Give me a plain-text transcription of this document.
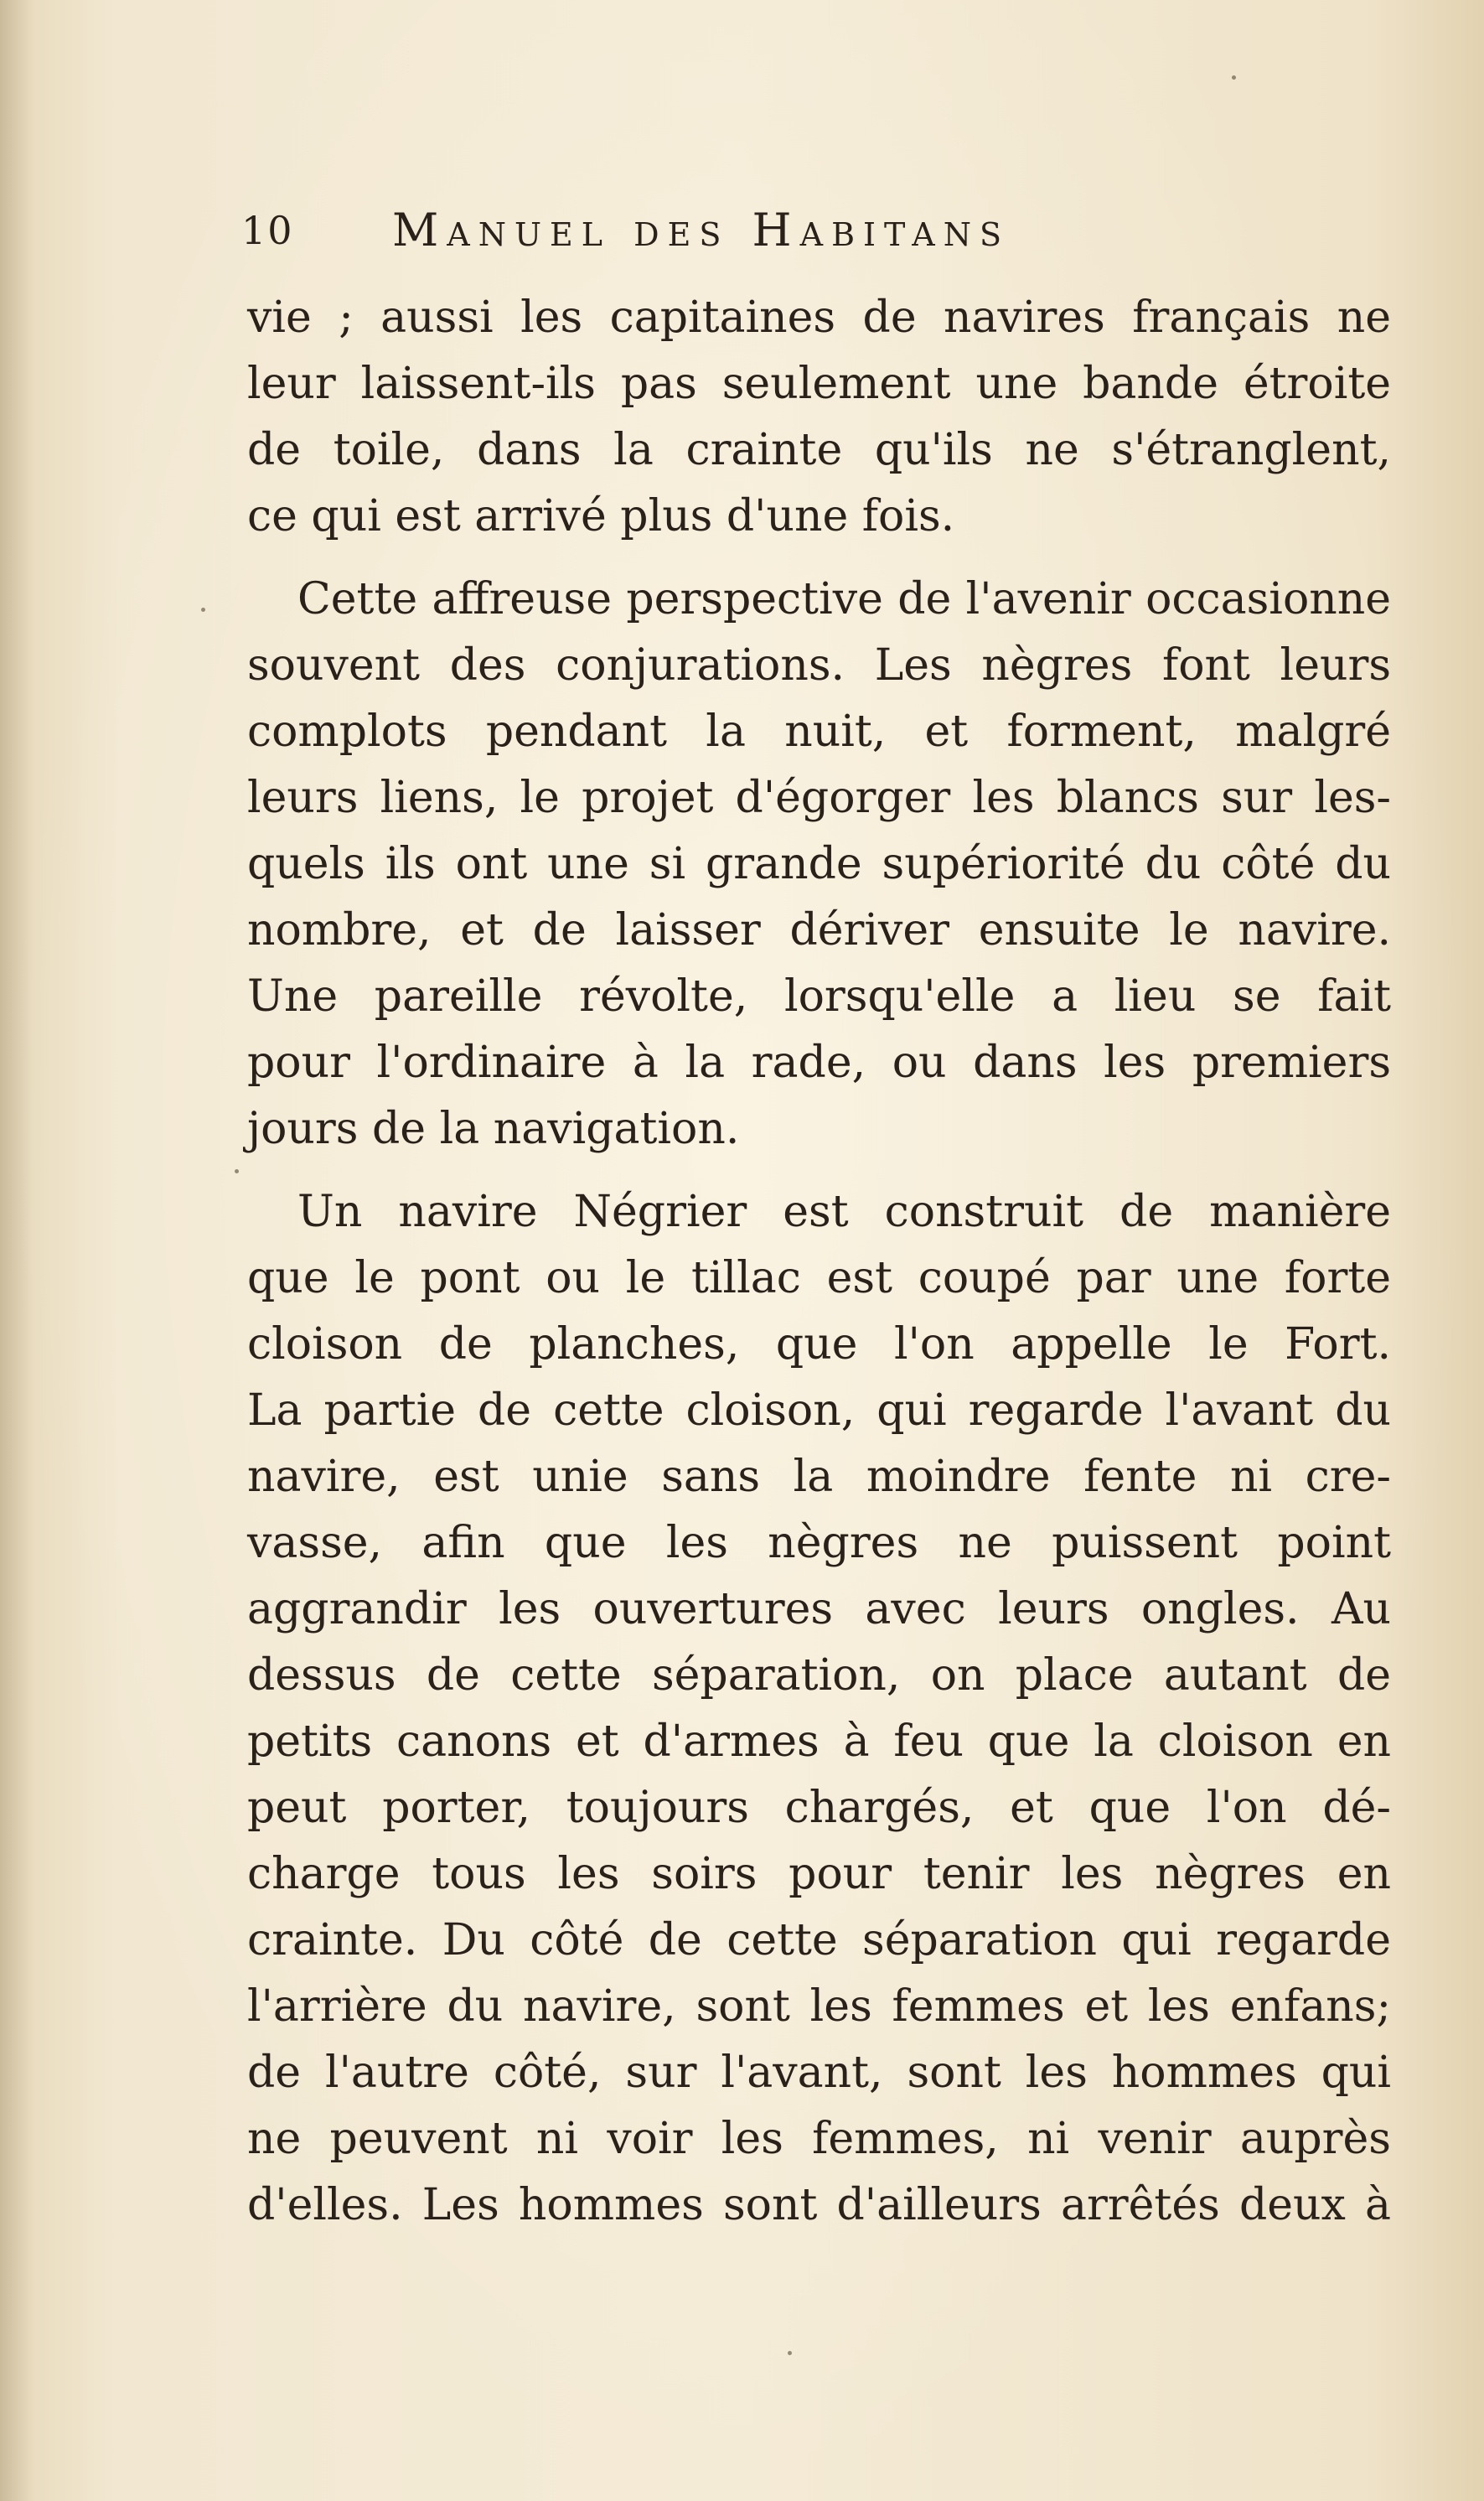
10 Manuel des Habitans
vie ; aussi les capitaines de navires français ne
leur laissent-ils pas seulement une bande étroite
de toile, dans la crainte qu'ils ne s'étranglent,
ce qui est arrivé plus d'une fois.
Cette affreuse perspective de l'avenir occasionne
souvent des conjurations. Les nègres font leurs
complots pendant la nuit, et forment, malgré
leurs liens, le projet d'égorger les blancs sur les-
quels ils ont une si grande supériorité du côté du
nombre, et de laisser dériver ensuite le navire.
Une pareille révolte, lorsqu'elle a lieu se fait
pour l'ordinaire à la rade, ou dans les premiers
jours de la navigation.
Un navire Négrier est construit de manière
que le pont ou le tillac est coupé par une forte
cloison de planches, que l'on appelle le Fort.
La partie de cette cloison, qui regarde l'avant du
navire, est unie sans la moindre fente ni cre-
vasse, afin que les nègres ne puissent point
aggrandir les ouvertures avec leurs ongles. Au
dessus de cette séparation, on place autant de
petits canons et d'armes à feu que la cloison en
peut porter, toujours chargés, et que l'on dé-
charge tous les soirs pour tenir les nègres en
crainte. Du côté de cette séparation qui regarde
l'arrière du navire, sont les femmes et les enfans;
de l'autre côté, sur l'avant, sont les hommes qui
ne peuvent ni voir les femmes, ni venir auprès
d'elles. Les hommes sont d'ailleurs arrêtés deux à
